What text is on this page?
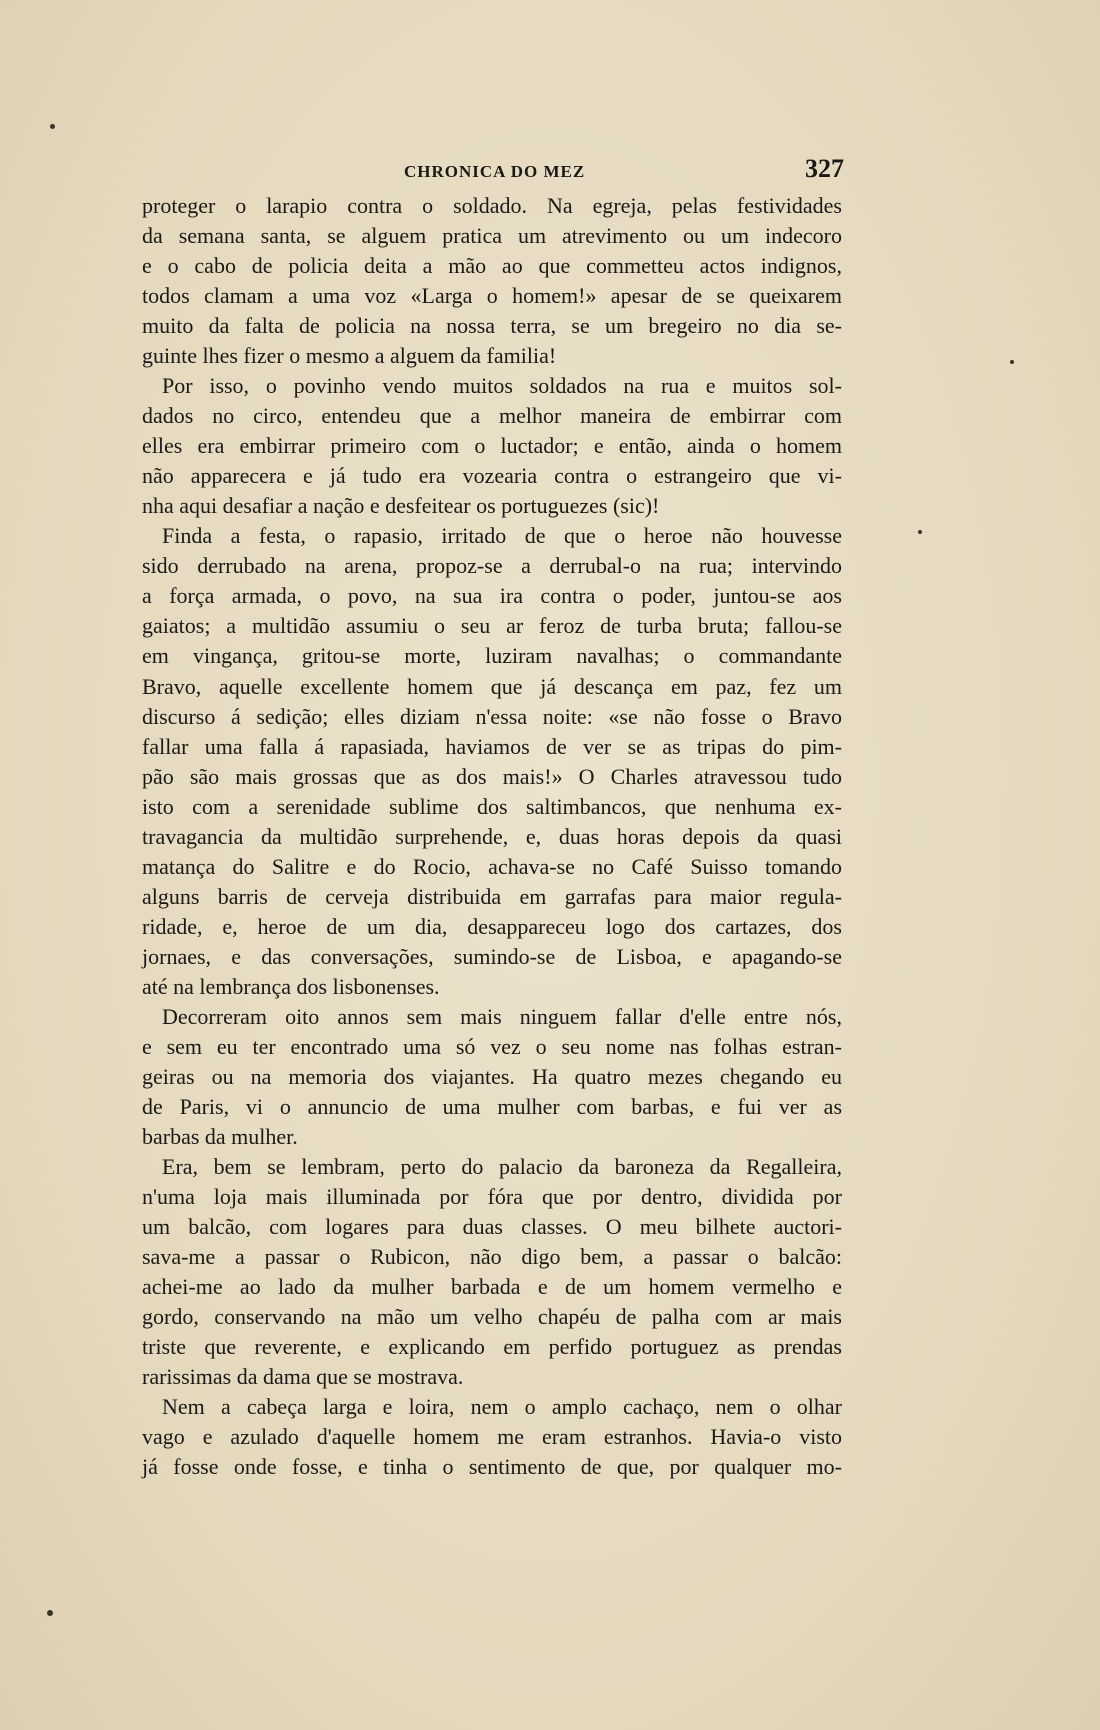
CHRONICA DO MEZ	327
proteger o larapio contra o soldado. Na egreja, pelas festividades
da semana santa, se alguem pratica um atrevimento ou um indecoro
e o cabo de policia deita a mão ao que commetteu actos indignos,
todos clamam a uma voz «Larga o homem!» apesar de se queixarem
muito da falta de policia na nossa terra, se um bregeiro no dia se-
guinte lhes fizer o mesmo a alguem da familia!
Por isso, o povinho vendo muitos soldados na rua e muitos sol-
dados no circo, entendeu que a melhor maneira de embirrar com
elles era embirrar primeiro com o luctador; e então, ainda o homem
não apparecera e já tudo era vozearia contra o estrangeiro que vi-
nha aqui desafiar a nação e desfeitear os portuguezes (sic)!
Finda a festa, o rapasio, irritado de que o heroe não houvesse
sido derrubado na arena, propoz-se a derrubal-o na rua; intervindo
a força armada, o povo, na sua ira contra o poder, juntou-se aos
gaiatos; a multidão assumiu o seu ar feroz de turba bruta; fallou-se
em vingança, gritou-se morte, luziram navalhas; o commandante
Bravo, aquelle excellente homem que já descança em paz, fez um
discurso á sedição; elles diziam n'essa noite: «se não fosse o Bravo
fallar uma falla á rapasiada, haviamos de ver se as tripas do pim-
pão são mais grossas que as dos mais!» O Charles atravessou tudo
isto com a serenidade sublime dos saltimbancos, que nenhuma ex-
travagancia da multidão surprehende, e, duas horas depois da quasi
matança do Salitre e do Rocio, achava-se no Café Suisso tomando
alguns barris de cerveja distribuida em garrafas para maior regula-
ridade, e, heroe de um dia, desappareceu logo dos cartazes, dos
jornaes, e das conversações, sumindo-se de Lisboa, e apagando-se
até na lembrança dos lisbonenses.
Decorreram oito annos sem mais ninguem fallar d'elle entre nós,
e sem eu ter encontrado uma só vez o seu nome nas folhas estran-
geiras ou na memoria dos viajantes. Ha quatro mezes chegando eu
de Paris, vi o annuncio de uma mulher com barbas, e fui ver as
barbas da mulher.
Era, bem se lembram, perto do palacio da baroneza da Regalleira,
n'uma loja mais illuminada por fóra que por dentro, dividida por
um balcão, com logares para duas classes. O meu bilhete auctori-
sava-me a passar o Rubicon, não digo bem, a passar o balcão:
achei-me ao lado da mulher barbada e de um homem vermelho e
gordo, conservando na mão um velho chapéu de palha com ar mais
triste que reverente, e explicando em perfido portuguez as prendas
rarissimas da dama que se mostrava.
Nem a cabeça larga e loira, nem o amplo cachaço, nem o olhar
vago e azulado d'aquelle homem me eram estranhos. Havia-o visto
já fosse onde fosse, e tinha o sentimento de que, por qualquer mo-
